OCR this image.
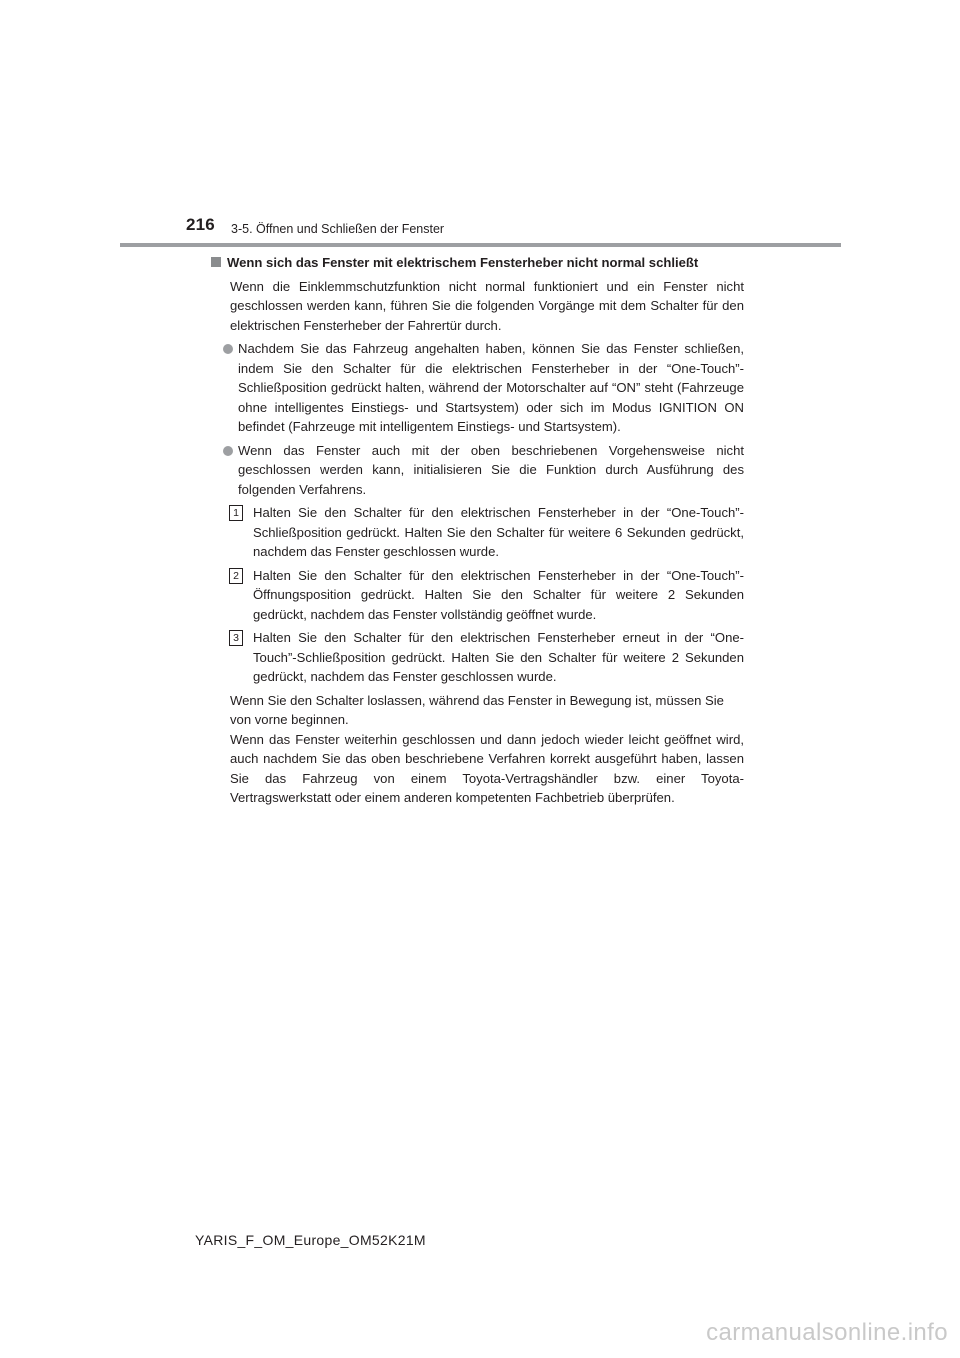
216 3-5. Öffnen und Schließen der Fenster
Wenn sich das Fenster mit elektrischem Fensterheber nicht normal schließt

Wenn die Einklemmschutzfunktion nicht normal funktioniert und ein Fenster nicht geschlossen werden kann, führen Sie die folgenden Vorgänge mit dem Schalter für den elektrischen Fensterheber der Fahrertür durch.

Nachdem Sie das Fahrzeug angehalten haben, können Sie das Fenster schließen, indem Sie den Schalter für die elektrischen Fensterheber in der “One-Touch”-Schließposition gedrückt halten, während der Motorschalter auf “ON” steht (Fahrzeuge ohne intelligentes Einstiegs- und Startsystem) oder sich im Modus IGNITION ON befindet (Fahrzeuge mit intelligentem Einstiegs- und Startsystem).

Wenn das Fenster auch mit der oben beschriebenen Vorgehensweise nicht geschlossen werden kann, initialisieren Sie die Funktion durch Ausführung des folgenden Verfahrens.

1	Halten Sie den Schalter für den elektrischen Fensterheber in der “One-Touch”-Schließposition gedrückt. Halten Sie den Schalter für weitere 6 Sekunden gedrückt, nachdem das Fenster geschlossen wurde.

2	Halten Sie den Schalter für den elektrischen Fensterheber in der “One-Touch”-Öffnungsposition gedrückt. Halten Sie den Schalter für weitere 2 Sekunden gedrückt, nachdem das Fenster vollständig geöffnet wurde.

3	Halten Sie den Schalter für den elektrischen Fensterheber erneut in der “One-Touch”-Schließposition gedrückt. Halten Sie den Schalter für weitere 2 Sekunden gedrückt, nachdem das Fenster geschlossen wurde.

Wenn Sie den Schalter loslassen, während das Fenster in Bewegung ist, müssen Sie von vorne beginnen.

Wenn das Fenster weiterhin geschlossen und dann jedoch wieder leicht geöffnet wird, auch nachdem Sie das oben beschriebene Verfahren korrekt ausgeführt haben, lassen Sie das Fahrzeug von einem Toyota-Vertragshändler bzw. einer Toyota-Vertragswerkstatt oder einem anderen kompetenten Fachbetrieb überprüfen.

YARIS_F_OM_Europe_OM52K21M
carmanualsonline.info
